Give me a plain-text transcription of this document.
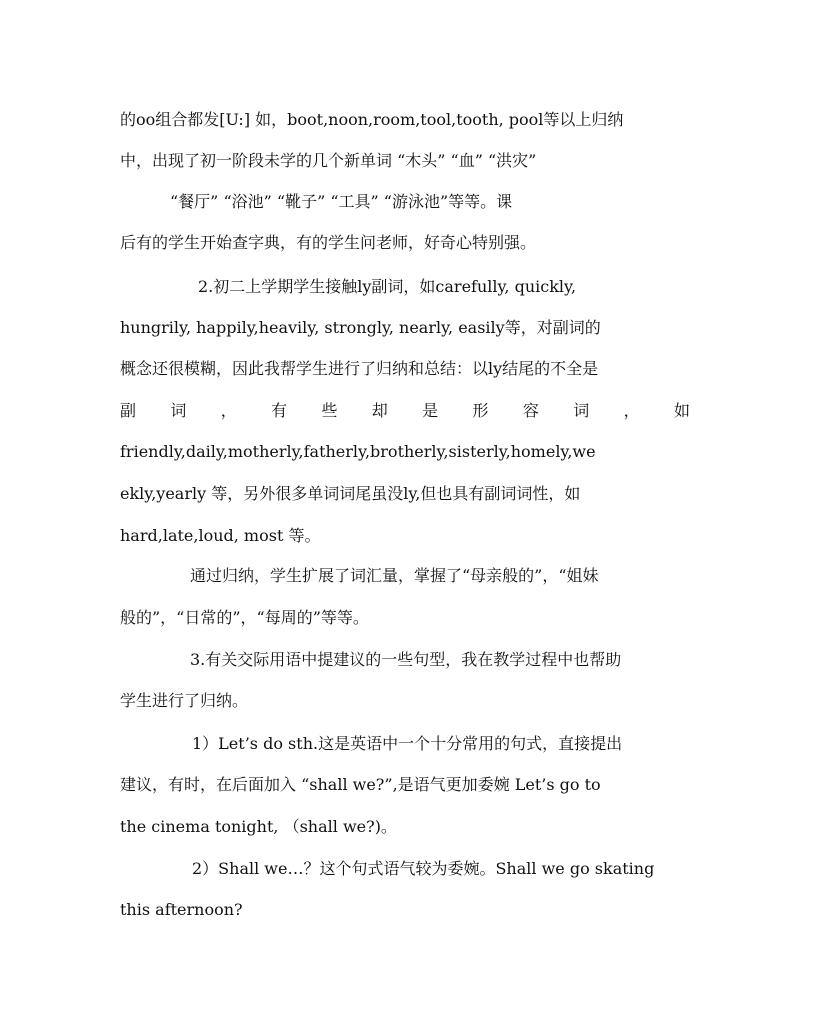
的oo组合都发[U:] 如，boot,noon,room,tool,tooth, pool等以上归纳
中，出现了初一阶段未学的几个新单词 “木头” “血” “洪灾”
“餐厅” “浴池” “靴子” “工具” “游泳池”等等。课
后有的学生开始查字典，有的学生问老师，好奇心特别强。
2.初二上学期学生接触ly副词，如carefully, quickly,
hungrily, happily,heavily, strongly, nearly, easily等，对副词的
概念还很模糊，因此我帮学生进行了归纳和总结：以ly结尾的不全是
副 词 ， 有 些 却 是 形 容 词 ， 如
friendly,daily,motherly,fatherly,brotherly,sisterly,homely,we
ekly,yearly 等，另外很多单词词尾虽没ly,但也具有副词词性，如
hard,late,loud, most 等。
通过归纳，学生扩展了词汇量，掌握了“母亲般的”，“姐妹
般的”，“日常的”，“每周的”等等。
3.有关交际用语中提建议的一些句型，我在教学过程中也帮助
学生进行了归纳。
1）Let’s do sth.这是英语中一个十分常用的句式，直接提出
建议，有时，在后面加入 “shall we?”,是语气更加委婉 Let’s go to
the cinema tonight, （shall we?)。
2）Shall we…？这个句式语气较为委婉。Shall we go skating
this afternoon?
